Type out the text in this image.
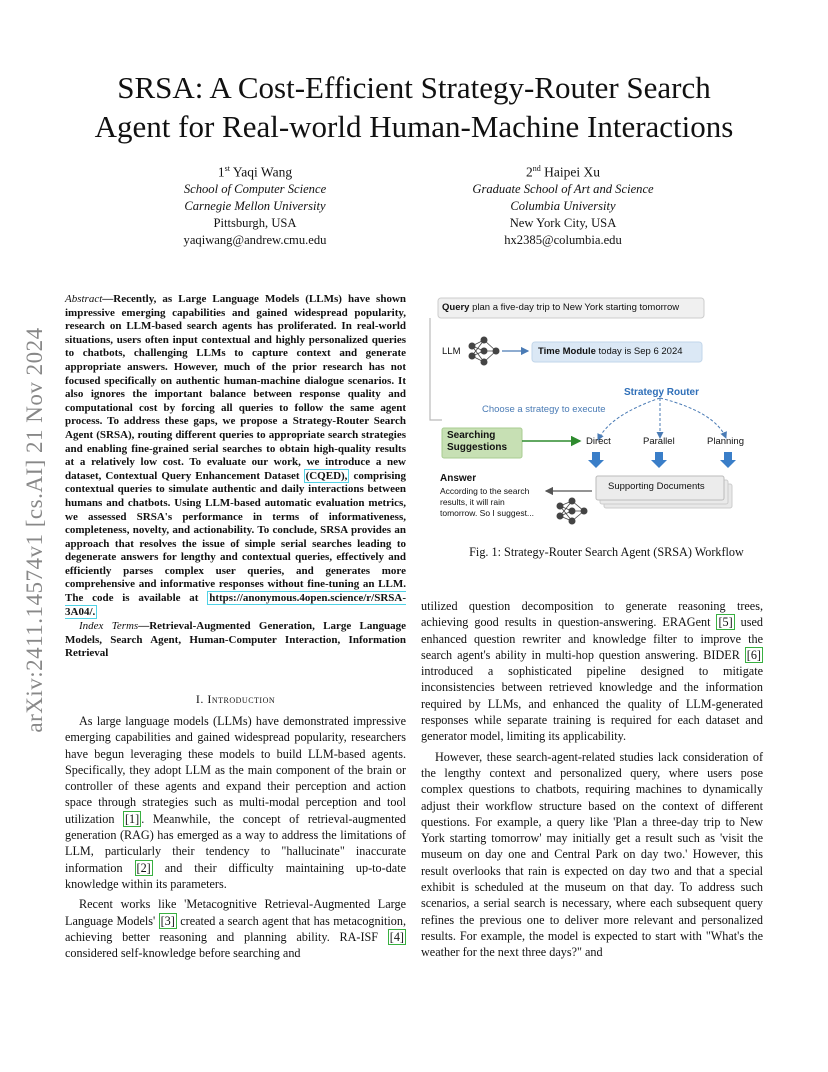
SRSA: A Cost-Efficient Strategy-Router Search
Agent for Real-world Human-Machine Interactions
1st Yaqi Wang
School of Computer Science
Carnegie Mellon University
Pittsburgh, USA
yaqiwang@andrew.cmu.edu
2nd Haipei Xu
Graduate School of Art and Science
Columbia University
New York City, USA
hx2385@columbia.edu
arXiv:2411.14574v1 [cs.AI] 21 Nov 2024
Abstract—Recently, as Large Language Models (LLMs) have shown impressive emerging capabilities and gained widespread popularity, research on LLM-based search agents has proliferated. In real-world situations, users often input contextual and highly personalized queries to chatbots, challenging LLMs to capture context and generate appropriate answers. However, much of the prior research has not focused specifically on authentic human-machine dialogue scenarios. It also ignores the important balance between response quality and computational cost by forcing all queries to follow the same agent process. To address these gaps, we propose a Strategy-Router Search Agent (SRSA), routing different queries to appropriate search strategies and enabling fine-grained serial searches to obtain high-quality results at a relatively low cost. To evaluate our work, we introduce a new dataset, Contextual Query Enhancement Dataset (CQED), comprising contextual queries to simulate authentic and daily interactions between humans and chatbots. Using LLM-based automatic evaluation metrics, we assessed SRSA's performance in terms of informativeness, completeness, novelty, and actionability. To conclude, SRSA provides an approach that resolves the issue of simple serial searches leading to degenerate answers for lengthy and contextual queries, effectively and efficiently parses complex user queries, and generates more comprehensive and informative responses without fine-tuning an LLM. The code is available at https://anonymous.4open.science/r/SRSA-3A04/.
Index Terms—Retrieval-Augmented Generation, Large Language Models, Search Agent, Human-Computer Interaction, Information Retrieval
I. Introduction

As large language models (LLMs) have demonstrated impressive emerging capabilities and gained widespread popularity, researchers have begun leveraging these models to build LLM-based agents. Specifically, they adopt LLM as the main component of the brain or controller of these agents and expand their perception and action space through strategies such as multi-modal perception and tool utilization [1] . Meanwhile, the concept of retrieval-augmented generation (RAG) has emerged as a way to address the limitations of LLM, particularly their tendency to "hallucinate" inaccurate information [2] and their difficulty maintaining up-to-date knowledge within its parameters.

Recent works like 'Metacognitive Retrieval-Augmented Large Language Models' [3] created a search agent that has metacognition, achieving better reasoning and planning ability. RA-ISF [4] considered self-knowledge before searching and

Query plan a five-day trip to New York starting tomorrow
LLM	Time Module today is Sep 6 2024
Strategy Router
Choose a strategy to execute
Searching
Suggestions
Direct	Parallel	Planning
Answer
According to the search
results, it will rain
tomorrow. So I suggest...
Supporting Documents
Fig. 1: Strategy-Router Search Agent (SRSA) Workflow

utilized question decomposition to generate reasoning trees, achieving good results in question-answering. ERAGent [5] used enhanced question rewriter and knowledge filter to improve the search agent's ability in multi-hop question answering. BIDER [6] introduced a sophisticated pipeline designed to mitigate inconsistencies between retrieved knowledge and the information required by LLMs, and enhanced the quality of LLM-generated responses while separate training is required for each dataset and generator model, limiting its applicability.

However, these search-agent-related studies lack consideration of the lengthy context and personalized query, where users pose complex questions to chatbots, requiring machines to dynamically adjust their workflow structure based on the context of different questions. For example, a query like 'Plan a three-day trip to New York starting tomorrow' may initially get a result such as 'visit the museum on day one and Central Park on day two.' However, this result overlooks that rain is expected on day two and that a special exhibit is scheduled at the museum on that day. To address such scenarios, a serial search is necessary, where each subsequent query refines the previous one to deliver more relevant and personalized results. For example, the model is expected to start with "What's the weather for the next three days?" and
